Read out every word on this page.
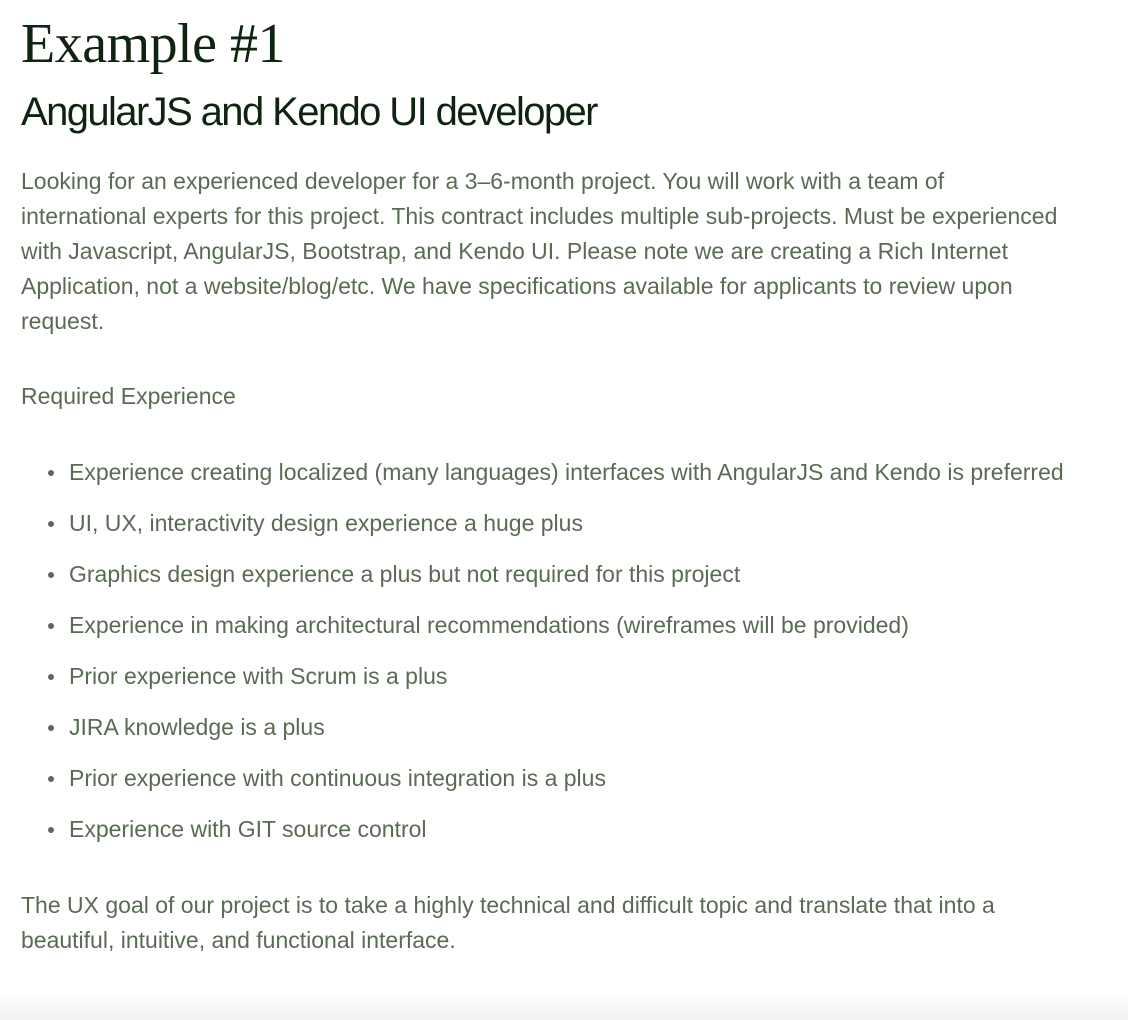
Example #1
AngularJS and Kendo UI developer

Looking for an experienced developer for a 3–6-month project. You will work with a team of international experts for this project. This contract includes multiple sub-projects. Must be experienced with Javascript, AngularJS, Bootstrap, and Kendo UI. Please note we are creating a Rich Internet Application, not a website/blog/etc. We have specifications available for applicants to review upon request.

Required Experience

Experience creating localized (many languages) interfaces with AngularJS and Kendo is preferred
UI, UX, interactivity design experience a huge plus
Graphics design experience a plus but not required for this project
Experience in making architectural recommendations (wireframes will be provided)
Prior experience with Scrum is a plus
JIRA knowledge is a plus
Prior experience with continuous integration is a plus
Experience with GIT source control

The UX goal of our project is to take a highly technical and difficult topic and translate that into a beautiful, intuitive, and functional interface.
